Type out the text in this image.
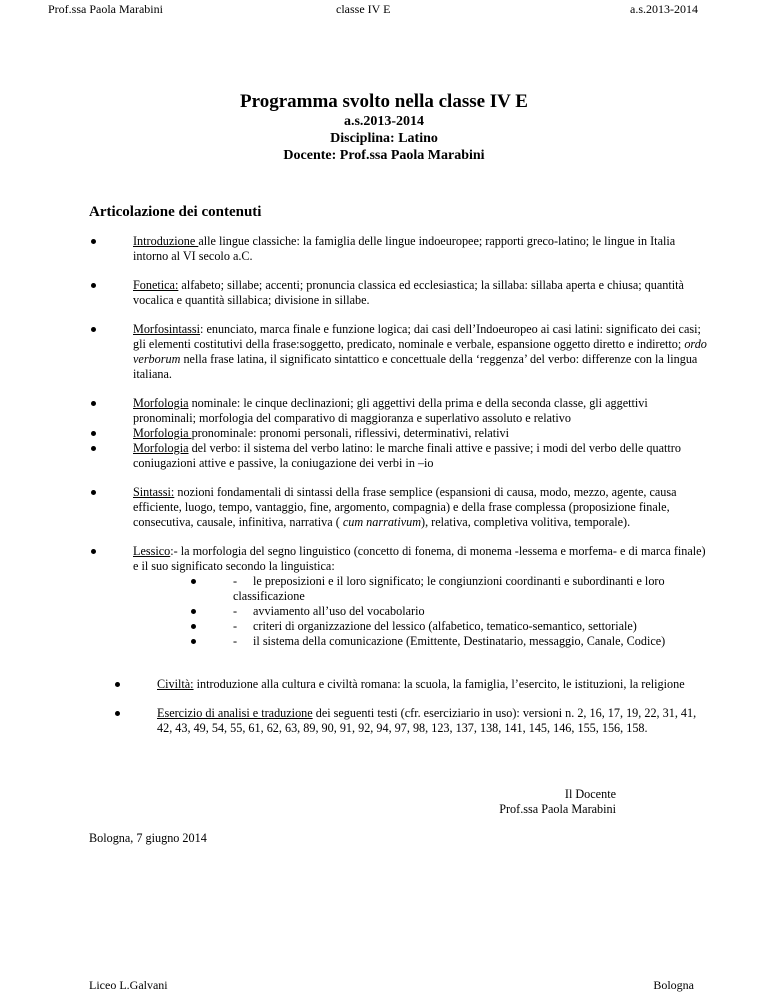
Prof.ssa Paola Marabini	classe IV E	a.s.2013-2014
Programma svolto nella classe IV E
a.s.2013-2014
Disciplina: Latino
Docente: Prof.ssa Paola Marabini
Articolazione dei contenuti
Introduzione alle lingue classiche: la famiglia delle lingue indoeuropee; rapporti greco-latino; le lingue in Italia intorno al VI secolo a.C.
Fonetica: alfabeto; sillabe; accenti; pronuncia classica ed ecclesiastica; la sillaba: sillaba aperta e chiusa; quantità vocalica e quantità sillabica; divisione in sillabe.
Morfosintassi: enunciato, marca finale e funzione logica; dai casi dell’Indoeuropeo ai casi latini: significato dei casi; gli elementi costitutivi della frase:soggetto, predicato, nominale e verbale, espansione oggetto diretto e indiretto; ordo verborum nella frase latina, il significato sintattico e concettuale della ‘reggenza’ del verbo: differenze con la lingua italiana.
Morfologia nominale: le cinque declinazioni; gli aggettivi della prima e della seconda classe, gli aggettivi pronominali; morfologia del comparativo di maggioranza e superlativo assoluto e relativo
Morfologia pronominale: pronomi personali, riflessivi, determinativi, relativi
Morfologia del verbo: il sistema del verbo latino: le marche finali attive e passive; i modi del verbo delle quattro coniugazioni attive e passive, la coniugazione dei verbi in –io
Sintassi: nozioni fondamentali di sintassi della frase semplice (espansioni di causa, modo, mezzo, agente, causa efficiente, luogo, tempo, vantaggio, fine, argomento, compagnia) e della frase complessa (proposizione finale, consecutiva, causale, infinitiva, narrativa ( cum narrativum), relativa, completiva volitiva, temporale).
Lessico:- la morfologia del segno linguistico (concetto di fonema, di monema -lessema e morfema- e di marca finale) e il suo significato secondo la linguistica:
- le preposizioni e il loro significato; le congiunzioni coordinanti e subordinanti e loro classificazione
- avviamento all’uso del vocabolario
- criteri di organizzazione del lessico (alfabetico, tematico-semantico, settoriale)
- il sistema della comunicazione (Emittente, Destinatario, messaggio, Canale, Codice)
Civiltà: introduzione alla cultura e civiltà romana: la scuola, la famiglia, l’esercito, le istituzioni, la religione
Esercizio di analisi e traduzione dei seguenti testi (cfr. eserciziario in uso): versioni n. 2, 16, 17, 19, 22, 31, 41, 42, 43, 49, 54, 55, 61, 62, 63, 89, 90, 91, 92, 94, 97, 98, 123, 137, 138, 141, 145, 146, 155, 156, 158.
Il Docente
Prof.ssa Paola Marabini
Bologna, 7 giugno 2014
Liceo L.Galvani	Bologna
